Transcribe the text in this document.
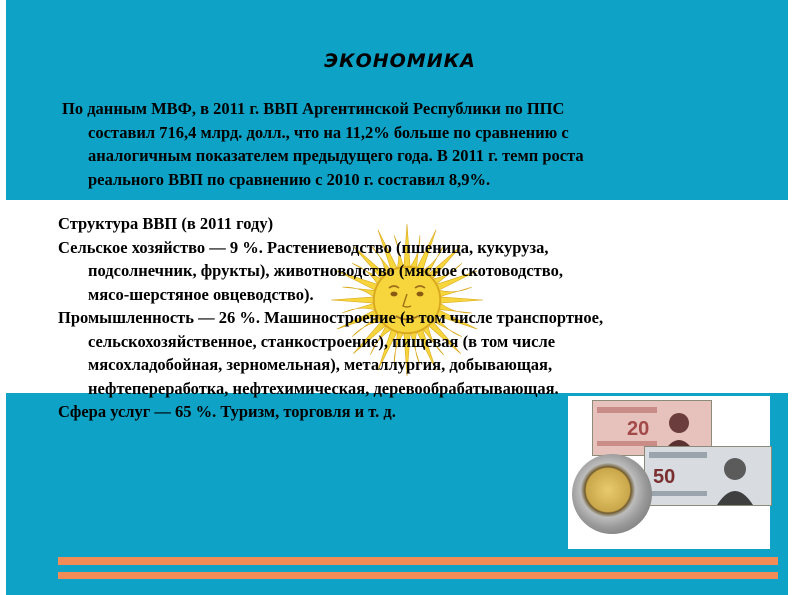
ЭКОНОМИКА

По данным МВФ, в 2011 г. ВВП Аргентинской Республики по ППС

составил 716,4 млрд. долл., что на 11,2% больше по сравнению с

аналогичным показателем предыдущего года. В 2011 г. темп роста

реального ВВП по сравнению с 2010 г. составил 8,9%.

Структура ВВП (в 2011 году)

Сельское хозяйство — 9 %. Растениеводство (пшеница, кукуруза,

подсолнечник, фрукты), животноводство (мясное скотоводство,

мясо-шерстяное овцеводство).

Промышленность — 26 %. Машиностроение (в том числе транспортное,

сельскохозяйственное, станкостроение), пищевая (в том числе

мясохладобойная, зерномельная), металлургия, добывающая,

нефтепереработка, нефтехимическая, деревообрабатывающая.

Сфера услуг — 65 %. Туризм, торговля и т. д.

20
50
